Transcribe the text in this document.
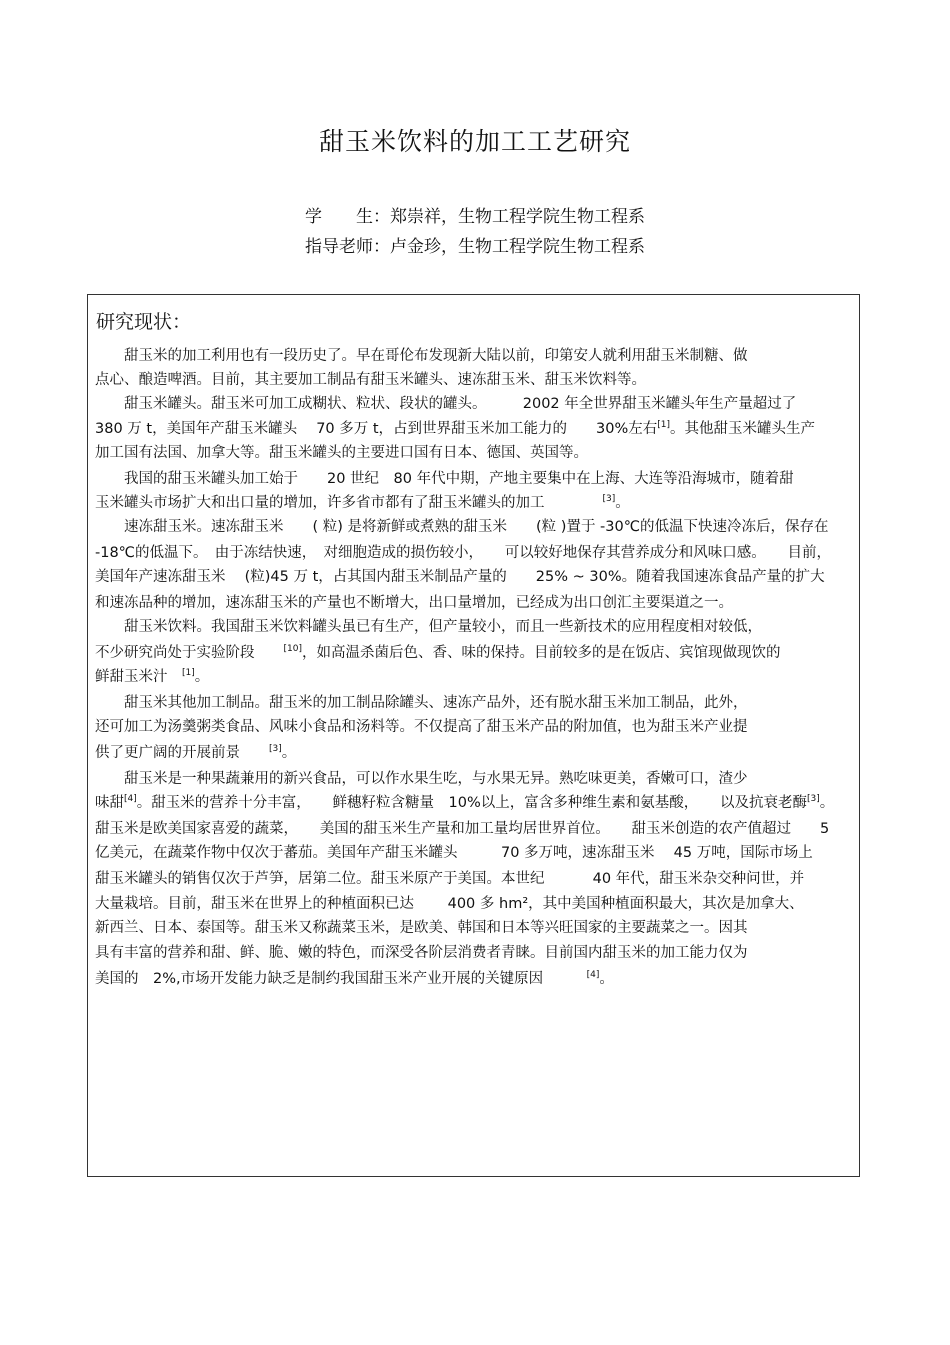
甜玉米饮料的加工工艺研究
学　　生：郑崇祥，生物工程学院生物工程系
指导老师：卢金珍，生物工程学院生物工程系
研究现状：
　　甜玉米的加工利用也有一段历史了。早在哥伦布发现新大陆以前，印第安人就利用甜玉米制糖、做
点心、酿造啤酒。目前，其主要加工制品有甜玉米罐头、速冻甜玉米、甜玉米饮料等。
　　甜玉米罐头。甜玉米可加工成糊状、粒状、段状的罐头。　　　2002 年全世界甜玉米罐头年生产量超过了
380 万 t，美国年产甜玉米罐头　 70 多万 t，占到世界甜玉米加工能力的　　30%左右[1]。其他甜玉米罐头生产
加工国有法国、加拿大等。甜玉米罐头的主要进口国有日本、德国、英国等。
　　我国的甜玉米罐头加工始于　　20 世纪　80 年代中期，产地主要集中在上海、大连等沿海城市，随着甜
玉米罐头市场扩大和出口量的增加，许多省市都有了甜玉米罐头的加工　　　　[3]。
　　速冻甜玉米。速冻甜玉米　　( 粒) 是将新鲜或煮熟的甜玉米　　(粒 )置于 -30℃的低温下快速冷冻后，保存在
-18℃的低温下。　由于冻结快速，　对细胞造成的损伤较小，　　可以较好地保存其营养成分和风味口感。　　目前，
美国年产速冻甜玉米　 (粒)45 万 t，占其国内甜玉米制品产量的　　25% ~ 30%。随着我国速冻食品产量的扩大
和速冻品种的增加，速冻甜玉米的产量也不断增大，出口量增加，已经成为出口创汇主要渠道之一。
　　甜玉米饮料。我国甜玉米饮料罐头虽已有生产，但产量较小，而且一些新技术的应用程度相对较低，
不少研究尚处于实验阶段　　[10]，如高温杀菌后色、香、味的保持。目前较多的是在饭店、宾馆现做现饮的
鲜甜玉米汁　[1]。
　　甜玉米其他加工制品。甜玉米的加工制品除罐头、速冻产品外，还有脱水甜玉米加工制品，此外，
还可加工为汤羹粥类食品、风味小食品和汤料等。不仅提高了甜玉米产品的附加值，也为甜玉米产业提
供了更广阔的开展前景　　[3]。
　　甜玉米是一种果蔬兼用的新兴食品，可以作水果生吃，与水果无异。熟吃味更美，香嫩可口，渣少
味甜[4]。甜玉米的营养十分丰富，　　鲜穗籽粒含糖量　10%以上，富含多种维生素和氨基酸，　　以及抗衰老酶[3]。
甜玉米是欧美国家喜爱的蔬菜，　　美国的甜玉米生产量和加工量均居世界首位。　　甜玉米创造的农产值超过　　5
亿美元，在蔬菜作物中仅次于蕃茄。美国年产甜玉米罐头　　　70 多万吨，速冻甜玉米　 45 万吨，国际市场上
甜玉米罐头的销售仅次于芦笋，居第二位。甜玉米原产于美国。本世纪　　　 40 年代，甜玉米杂交种问世，并
大量栽培。目前，甜玉米在世界上的种植面积已达　　 400 多 hm²，其中美国种植面积最大，其次是加拿大、
新西兰、日本、泰国等。甜玉米又称蔬菜玉米，是欧美、韩国和日本等兴旺国家的主要蔬菜之一。因其
具有丰富的营养和甜、鲜、脆、嫩的特色，而深受各阶层消费者青睐。目前国内甜玉米的加工能力仅为
美国的　2%,市场开发能力缺乏是制约我国甜玉米产业开展的关键原因　　　[4]。
